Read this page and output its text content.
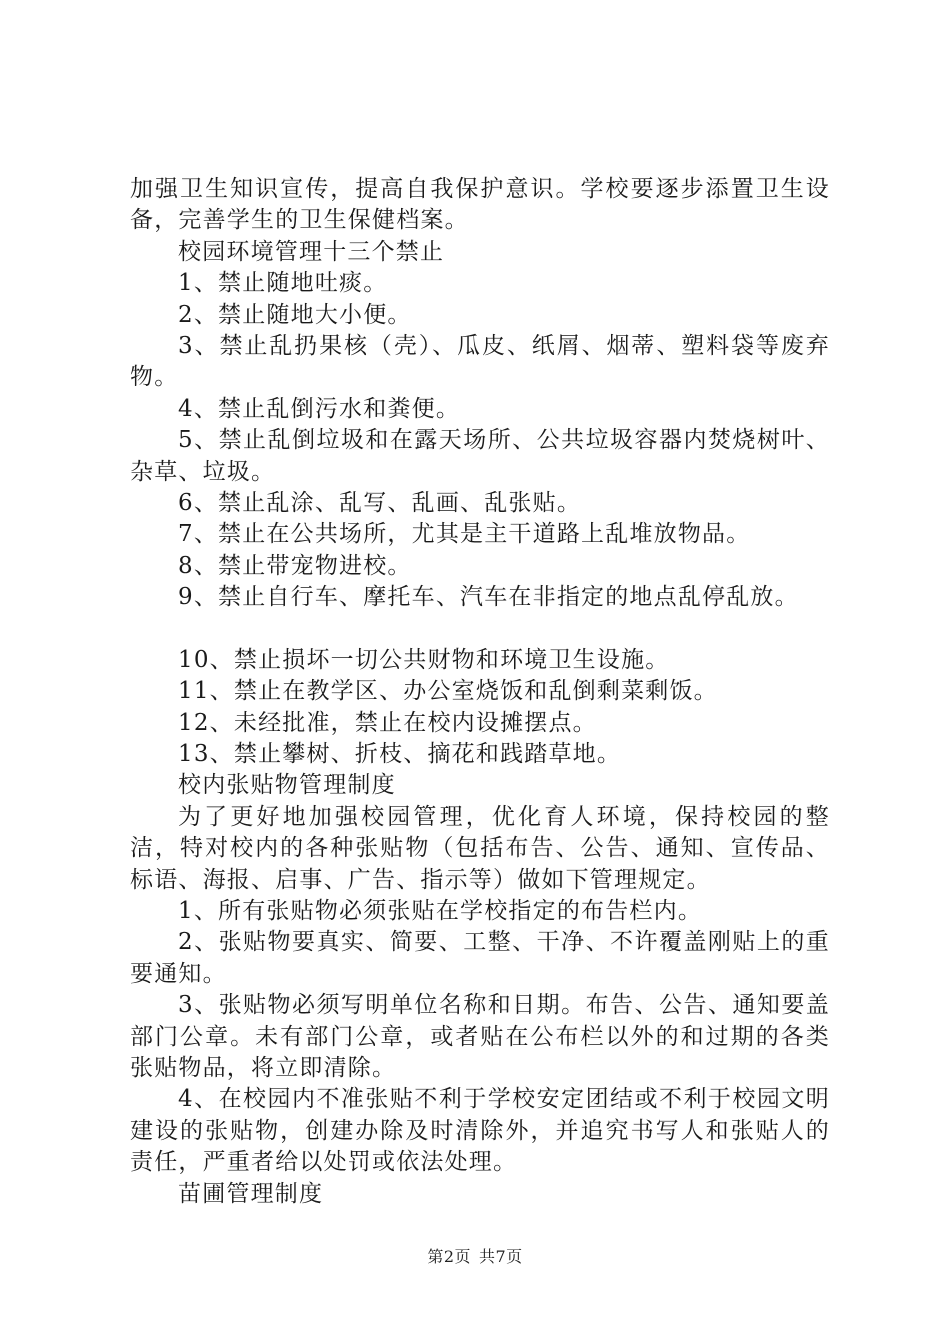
加强卫生知识宣传，提高自我保护意识。学校要逐步添置卫生设备，完善学生的卫生保健档案。

校园环境管理十三个禁止

1、禁止随地吐痰。

2、禁止随地大小便。

3、禁止乱扔果核（壳）、瓜皮、纸屑、烟蒂、塑料袋等废弃物。

4、禁止乱倒污水和粪便。

5、禁止乱倒垃圾和在露天场所、公共垃圾容器内焚烧树叶、杂草、垃圾。

6、禁止乱涂、乱写、乱画、乱张贴。

7、禁止在公共场所，尤其是主干道路上乱堆放物品。

8、禁止带宠物进校。

9、禁止自行车、摩托车、汽车在非指定的地点乱停乱放。

10、禁止损坏一切公共财物和环境卫生设施。

11、禁止在教学区、办公室烧饭和乱倒剩菜剩饭。

12、未经批准，禁止在校内设摊摆点。

13、禁止攀树、折枝、摘花和践踏草地。

校内张贴物管理制度

为了更好地加强校园管理，优化育人环境，保持校园的整洁，特对校内的各种张贴物（包括布告、公告、通知、宣传品、标语、海报、启事、广告、指示等）做如下管理规定。

1、所有张贴物必须张贴在学校指定的布告栏内。

2、张贴物要真实、简要、工整、干净、不许覆盖刚贴上的重要通知。

3、张贴物必须写明单位名称和日期。布告、公告、通知要盖部门公章。未有部门公章，或者贴在公布栏以外的和过期的各类张贴物品，将立即清除。

4、在校园内不准张贴不利于学校安定团结或不利于校园文明建设的张贴物，创建办除及时清除外，并追究书写人和张贴人的责任，严重者给以处罚或依法处理。

苗圃管理制度

第2页 共7页
